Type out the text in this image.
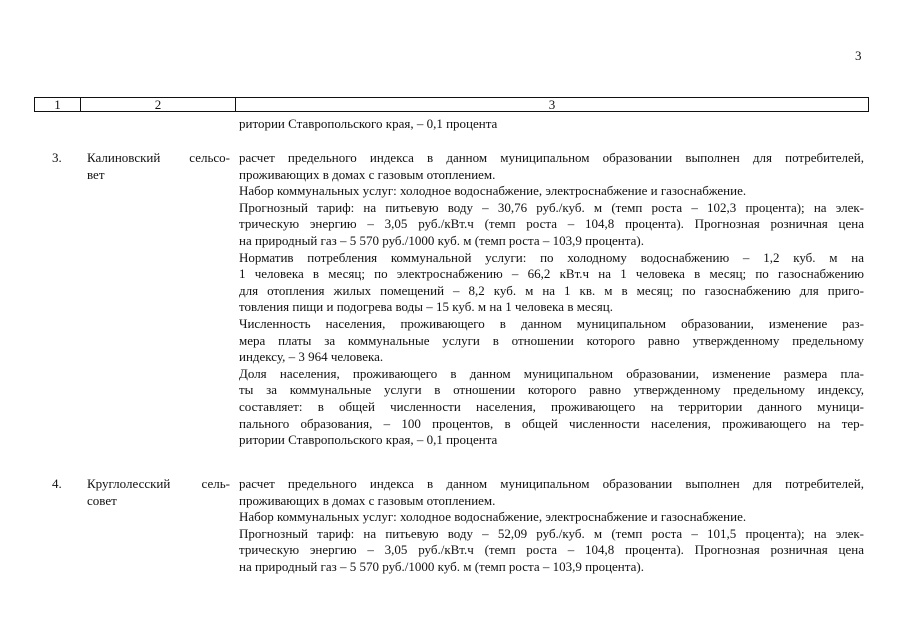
3
1	2	3
ритории Ставропольского края, – 0,1 процента
3. Калиновский сельсо-
вет
расчет предельного индекса в данном муниципальном образовании выполнен для потребителей,
проживающих в домах с газовым отоплением.
Набор коммунальных услуг: холодное водоснабжение, электроснабжение и газоснабжение.
Прогнозный тариф: на питьевую воду – 30,76 руб./куб. м (темп роста – 102,3 процента); на элек-
трическую энергию – 3,05 руб./кВт.ч (темп роста – 104,8 процента). Прогнозная розничная цена
на природный газ – 5 570 руб./1000 куб. м (темп роста – 103,9 процента).
Норматив потребления коммунальной услуги: по холодному водоснабжению – 1,2 куб. м на
1 человека в месяц; по электроснабжению – 66,2 кВт.ч на 1 человека в месяц; по газоснабжению
для отопления жилых помещений – 8,2 куб. м на 1 кв. м в месяц; по газоснабжению для приго-
товления пищи и подогрева воды – 15 куб. м на 1 человека в месяц.
Численность населения, проживающего в данном муниципальном образовании, изменение раз-
мера платы за коммунальные услуги в отношении которого равно утвержденному предельному
индексу, – 3 964 человека.
Доля населения, проживающего в данном муниципальном образовании, изменение размера пла-
ты за коммунальные услуги в отношении которого равно утвержденному предельному индексу,
составляет: в общей численности населения, проживающего на территории данного муници-
пального образования, – 100 процентов, в общей численности населения, проживающего на тер-
ритории Ставропольского края, – 0,1 процента
4. Круглолесский сель-
совет
расчет предельного индекса в данном муниципальном образовании выполнен для потребителей,
проживающих в домах с газовым отоплением.
Набор коммунальных услуг: холодное водоснабжение, электроснабжение и газоснабжение.
Прогнозный тариф: на питьевую воду – 52,09 руб./куб. м (темп роста – 101,5 процента); на элек-
трическую энергию – 3,05 руб./кВт.ч (темп роста – 104,8 процента). Прогнозная розничная цена
на природный газ – 5 570 руб./1000 куб. м (темп роста – 103,9 процента).
